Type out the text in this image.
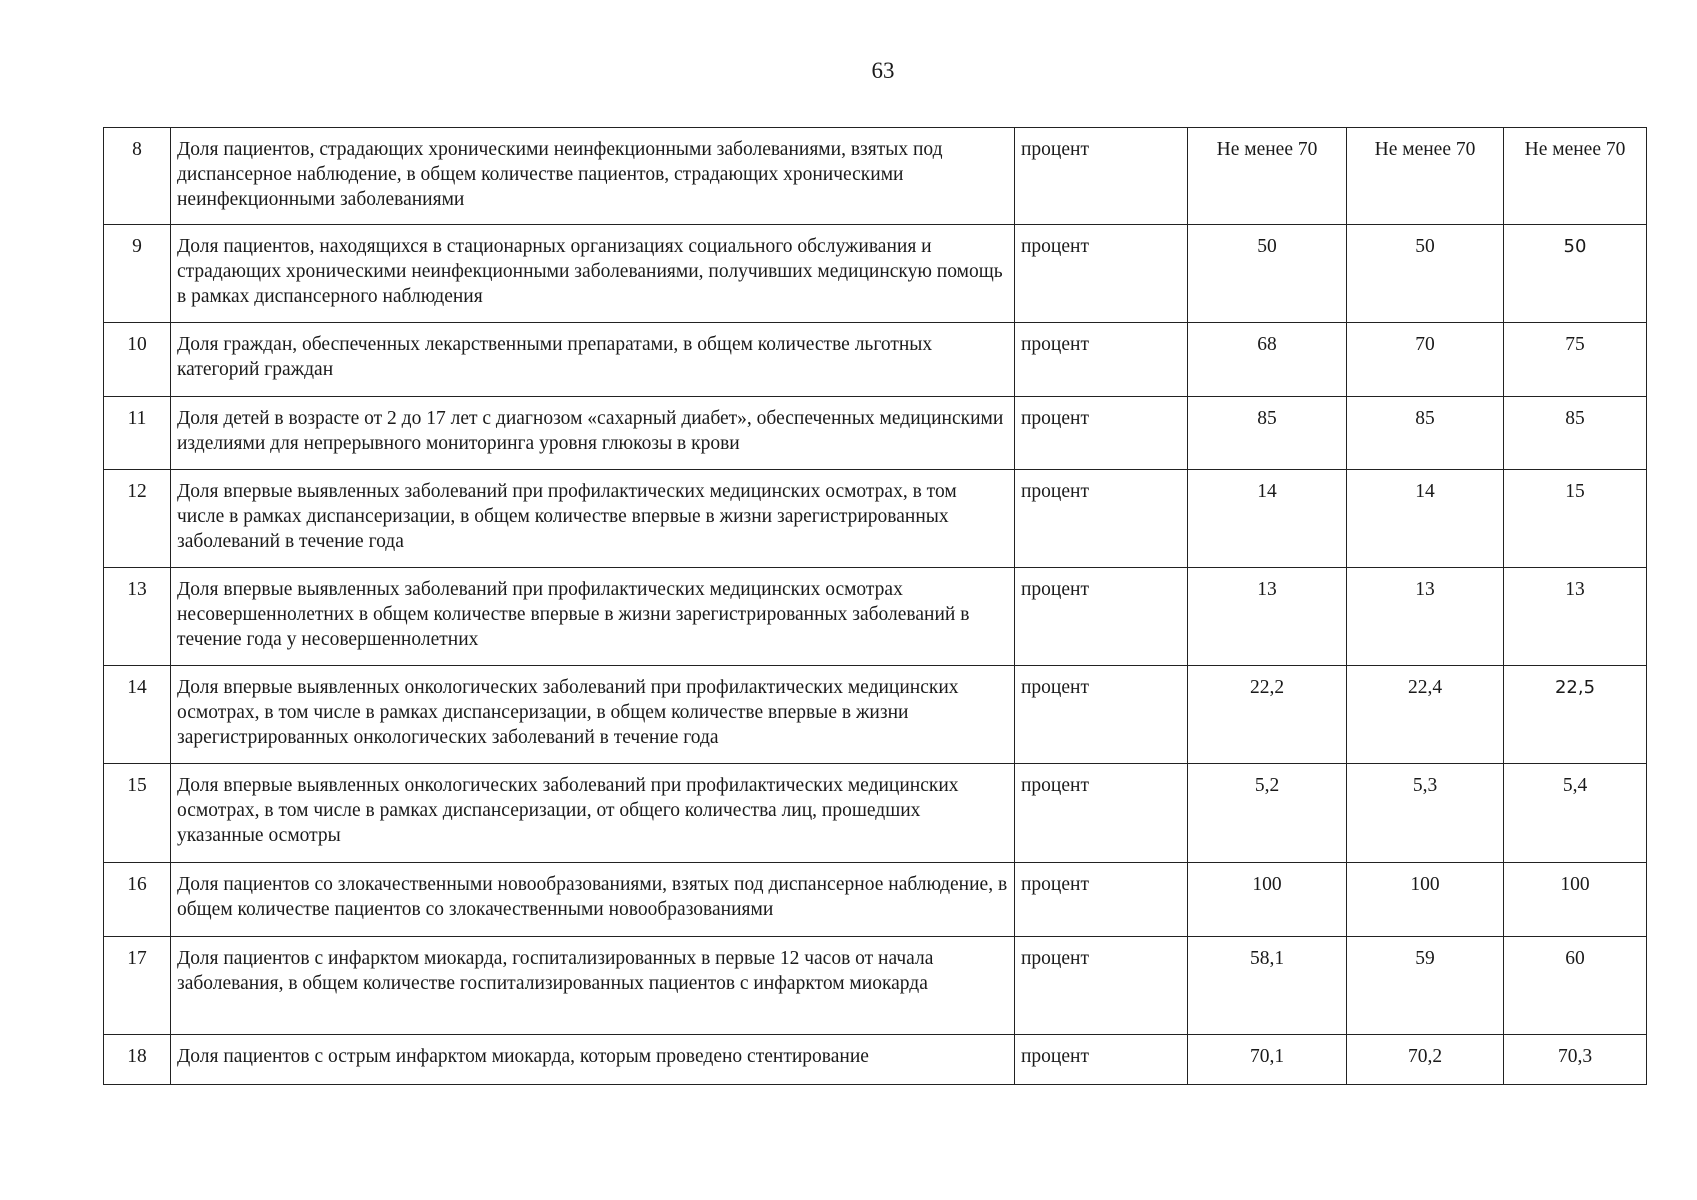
63
8	Доля пациентов, страдающих хроническими неинфекционными заболеваниями, взятых под диспансерное наблюдение, в общем количестве пациентов, страдающих хроническими неинфекционными заболеваниями	процент	Не менее 70	Не менее 70	Не менее 70
9	Доля пациентов, находящихся в стационарных организациях социального обслуживания и страдающих хроническими неинфекционными заболеваниями, получивших медицинскую помощь в рамках диспансерного наблюдения	процент	50	50	50
10	Доля граждан, обеспеченных лекарственными препаратами, в общем количестве льготных категорий граждан	процент	68	70	75
11	Доля детей в возрасте от 2 до 17 лет с диагнозом «сахарный диабет», обеспеченных медицинскими изделиями для непрерывного мониторинга уровня глюкозы в крови	процент	85	85	85
12	Доля впервые выявленных заболеваний при профилактических медицинских осмотрах, в том числе в рамках диспансеризации, в общем количестве впервые в жизни зарегистрированных заболеваний в течение года	процент	14	14	15
13	Доля впервые выявленных заболеваний при профилактических медицинских осмотрах несовершеннолетних в общем количестве впервые в жизни зарегистрированных заболеваний в течение года у несовершеннолетних	процент	13	13	13
14	Доля впервые выявленных онкологических заболеваний при профилактических медицинских осмотрах, в том числе в рамках диспансеризации, в общем количестве впервые в жизни зарегистрированных онкологических заболеваний в течение года	процент	22,2	22,4	22,5
15	Доля впервые выявленных онкологических заболеваний при профилактических медицинских осмотрах, в том числе в рамках диспансеризации, от общего количества лиц, прошедших указанные осмотры	процент	5,2	5,3	5,4
16	Доля пациентов со злокачественными новообразованиями, взятых под диспансерное наблюдение, в общем количестве пациентов со злокачественными новообразованиями	процент	100	100	100
17	Доля пациентов с инфарктом миокарда, госпитализированных в первые 12 часов от начала заболевания, в общем количестве госпитализированных пациентов с инфарктом миокарда	процент	58,1	59	60
18	Доля пациентов с острым инфарктом миокарда, которым проведено стентирование	процент	70,1	70,2	70,3
